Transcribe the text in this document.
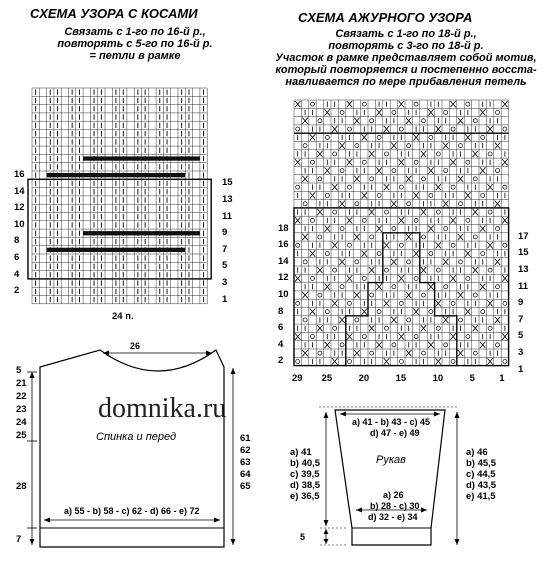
СХЕМА УЗОРА С КОСАМИ
Связать с 1-го по 16-й р.,
повторять с 5-го по 16-й р.
= петли в рамке
16
14
12
10
8
6
4
2
15
13
11
9
7
5
3
1
24 п.
СХЕМА АЖУРНОГО УЗОРА
Связать с 1-го по 18-й р.,
повторять с 3-го по 18-й р.
Участок в рамке представляет собой мотив,
который повторяется и постепенно восста-
навливается по мере прибавления петель
18
16
14
12
10
8
6
4
2
17
15
13
11
9
7
5
3
1
29 25	20	15	10	5	1
domnika.ru
26
Спинка и перед
5
21
22
23
24
25
28
7
61
62
63
64
65
a) 55 - b) 58 - c) 62 - d) 66 - e) 72
a) 41 - b) 43 - c) 45
d) 47 - e) 49
Рукав
a) 41
b) 40,5
c) 39,5
d) 38,5
e) 36,5
a) 46
b) 45,5
c) 44,5
d) 43,5
e) 41,5
a) 26
b) 28 - c) 30
d) 32 - e) 34
5
